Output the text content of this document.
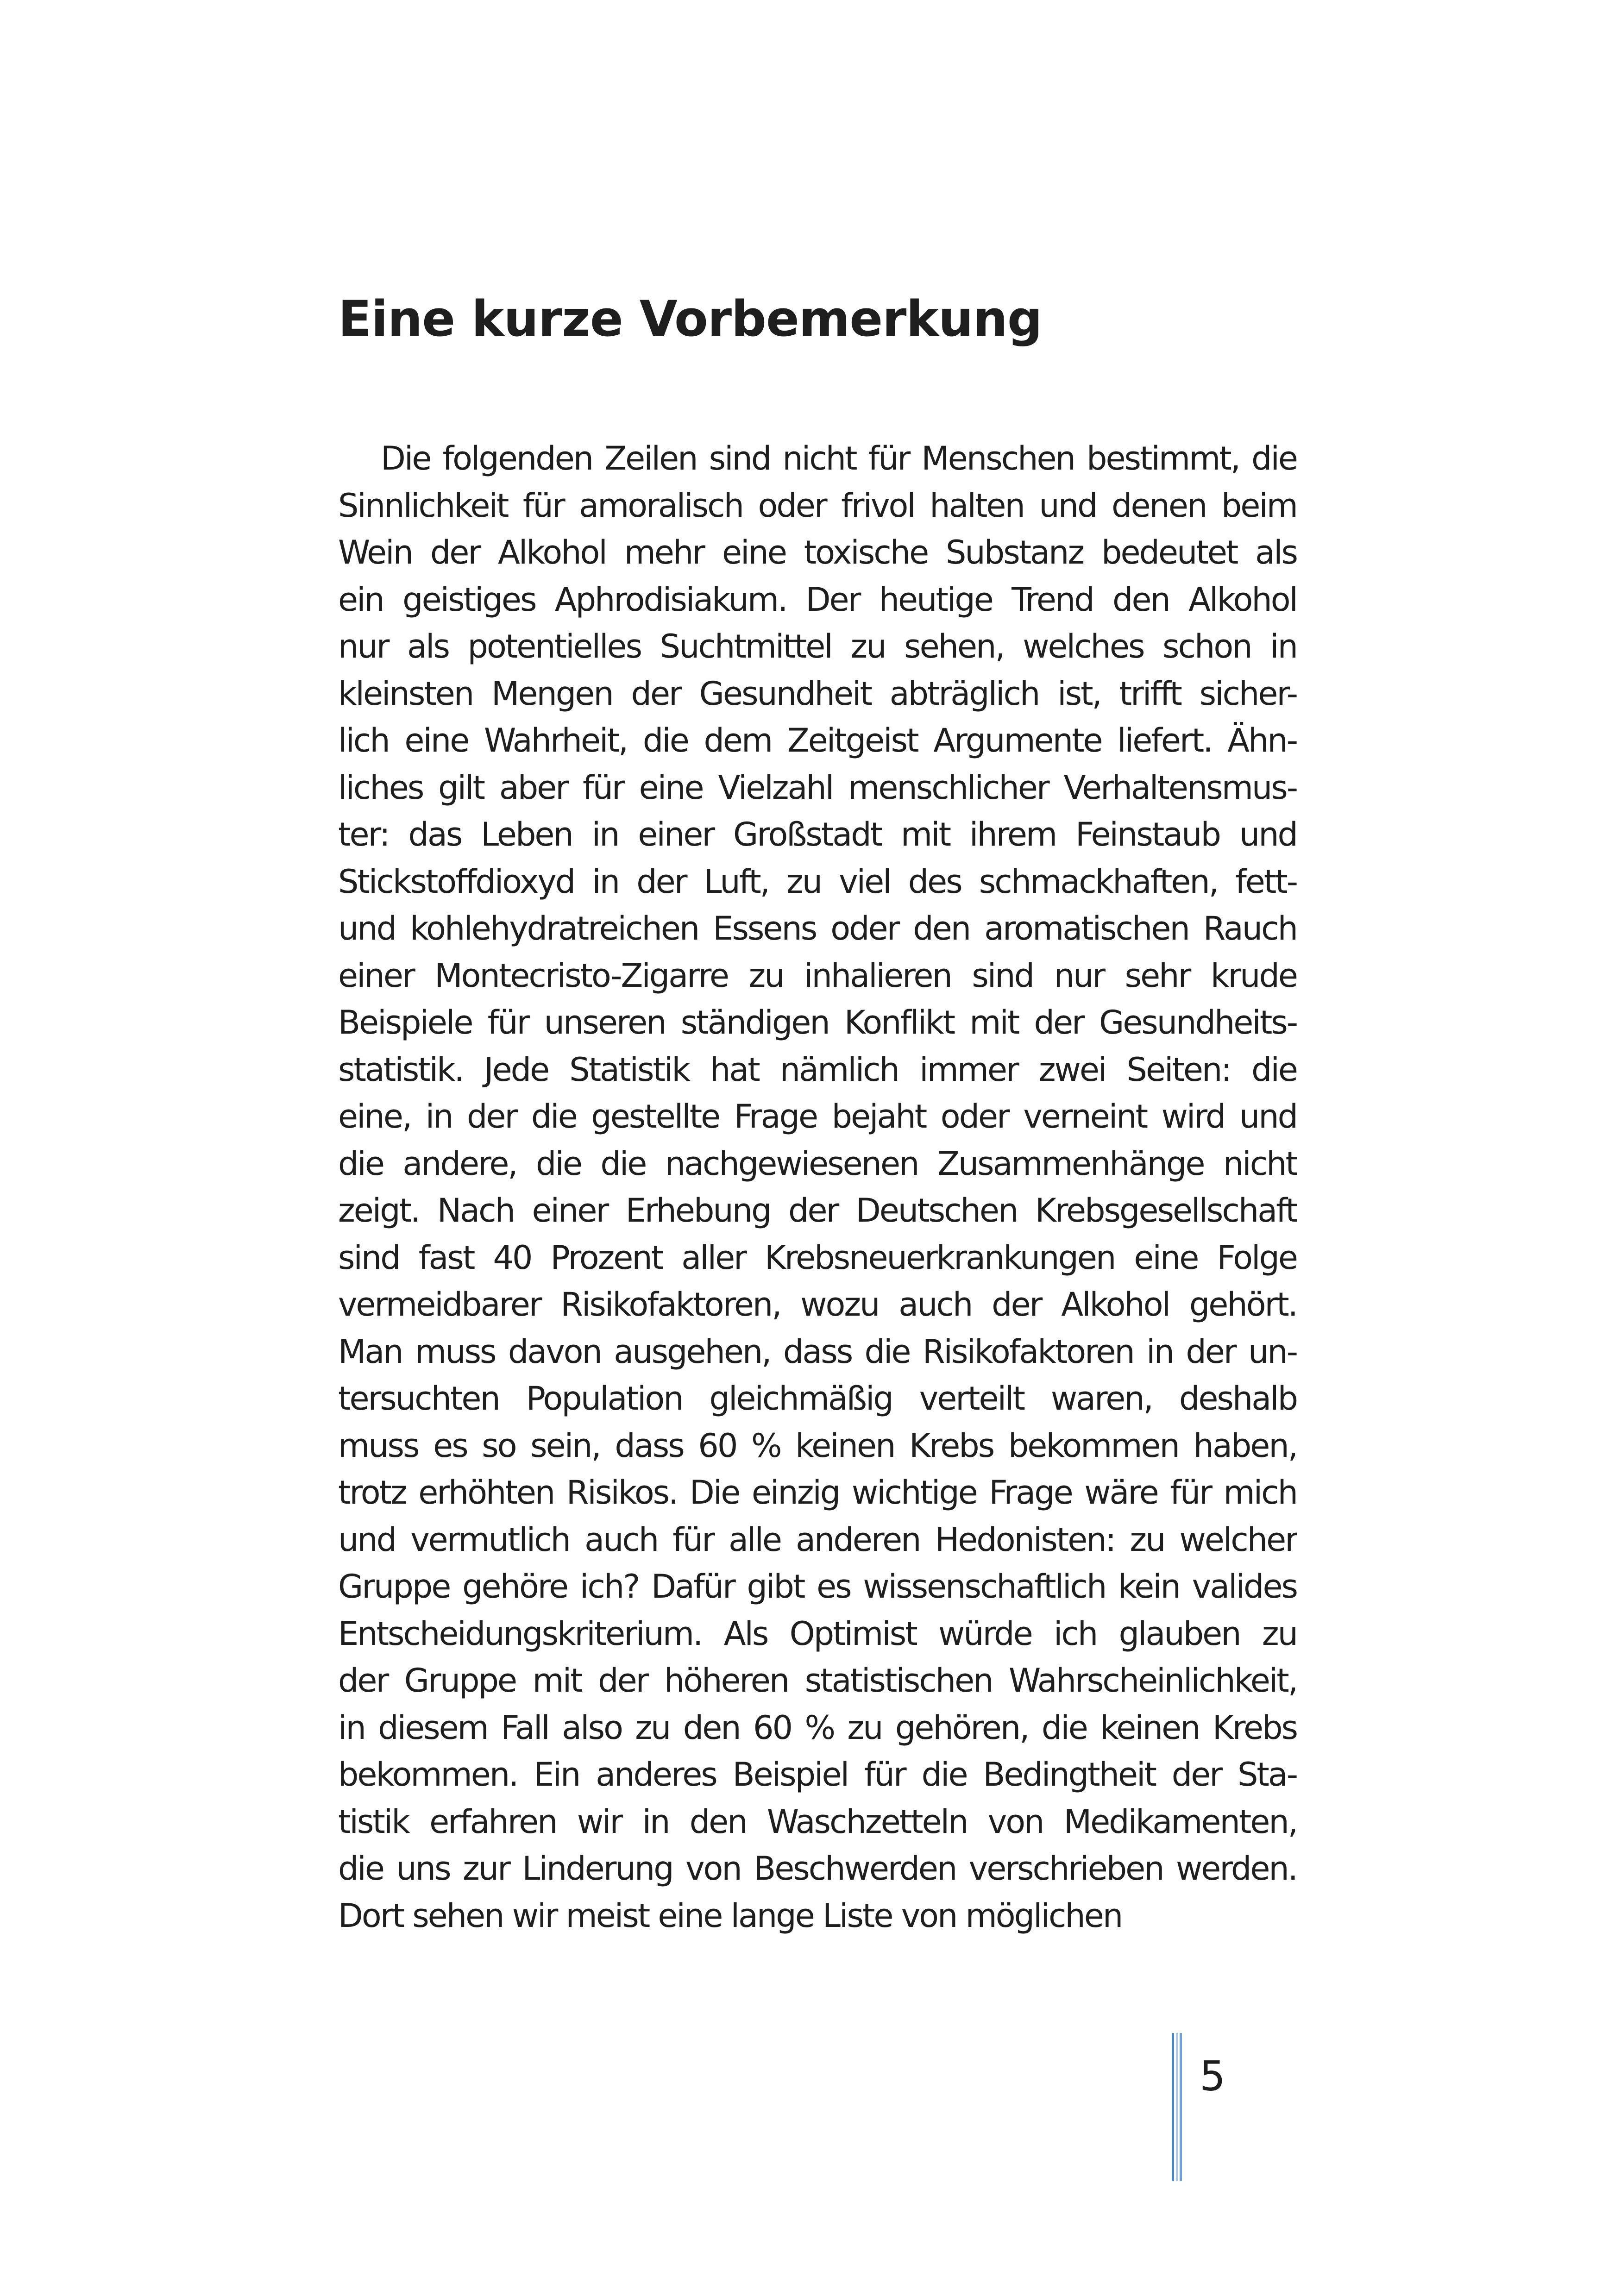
Eine kurze Vorbemerkung
Die folgenden Zeilen sind nicht für Menschen bestimmt, die
Sinnlichkeit für amoralisch oder frivol halten und denen beim
Wein der Alkohol mehr eine toxische Substanz bedeutet als
ein geistiges Aphrodisiakum. Der heutige Trend den Alkohol
nur als potentielles Suchtmittel zu sehen, welches schon in
kleinsten Mengen der Gesundheit abträglich ist, trifft sicher-
lich eine Wahrheit, die dem Zeitgeist Argumente liefert. Ähn-
liches gilt aber für eine Vielzahl menschlicher Verhaltensmus-
ter: das Leben in einer Großstadt mit ihrem Feinstaub und
Stickstoffdioxyd in der Luft, zu viel des schmackhaften, fett-
und kohlehydratreichen Essens oder den aromatischen Rauch
einer Montecristo-Zigarre zu inhalieren sind nur sehr krude
Beispiele für unseren ständigen Konflikt mit der Gesundheits-
statistik. Jede Statistik hat nämlich immer zwei Seiten: die
eine, in der die gestellte Frage bejaht oder verneint wird und
die andere, die die nachgewiesenen Zusammenhänge nicht
zeigt. Nach einer Erhebung der Deutschen Krebsgesellschaft
sind fast 40 Prozent aller Krebsneuerkrankungen eine Folge
vermeidbarer Risikofaktoren, wozu auch der Alkohol gehört.
Man muss davon ausgehen, dass die Risikofaktoren in der un-
tersuchten Population gleichmäßig verteilt waren, deshalb
muss es so sein, dass 60 % keinen Krebs bekommen haben,
trotz erhöhten Risikos. Die einzig wichtige Frage wäre für mich
und vermutlich auch für alle anderen Hedonisten: zu welcher
Gruppe gehöre ich? Dafür gibt es wissenschaftlich kein valides
Entscheidungskriterium. Als Optimist würde ich glauben zu
der Gruppe mit der höheren statistischen Wahrscheinlichkeit,
in diesem Fall also zu den 60 % zu gehören, die keinen Krebs
bekommen. Ein anderes Beispiel für die Bedingtheit der Sta-
tistik erfahren wir in den Waschzetteln von Medikamenten,
die uns zur Linderung von Beschwerden verschrieben werden.
Dort sehen wir meist eine lange Liste von möglichen
5
